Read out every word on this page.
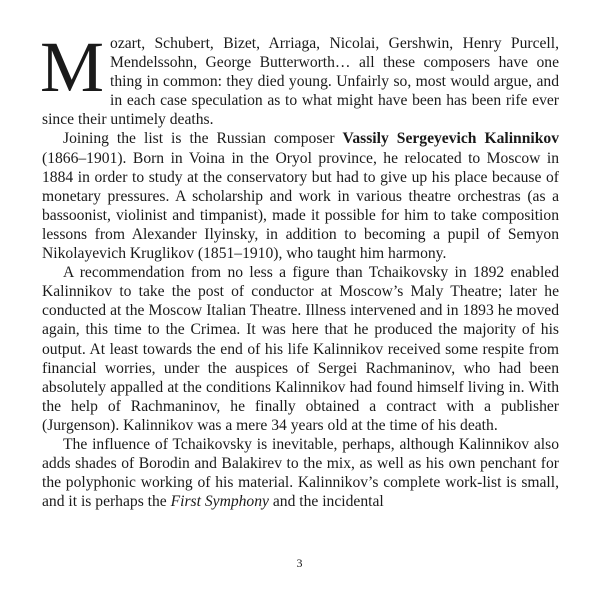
Mozart, Schubert, Bizet, Arriaga, Nicolai, Gershwin, Henry Purcell, Mendelssohn, George Butterworth… all these composers have one thing in common: they died young. Unfairly so, most would argue, and in each case speculation as to what might have been has been rife ever since their untimely deaths.

Joining the list is the Russian composer Vassily Sergeyevich Kalinnikov (1866–1901). Born in Voina in the Oryol province, he relocated to Moscow in 1884 in order to study at the conservatory but had to give up his place because of monetary pressures. A scholarship and work in various theatre orchestras (as a bassoonist, violinist and timpanist), made it possible for him to take composition lessons from Alexander Ilyinsky, in addition to becoming a pupil of Semyon Nikolayevich Kruglikov (1851–1910), who taught him harmony.

A recommendation from no less a figure than Tchaikovsky in 1892 enabled Kalinnikov to take the post of conductor at Moscow’s Maly Theatre; later he conducted at the Moscow Italian Theatre. Illness intervened and in 1893 he moved again, this time to the Crimea. It was here that he produced the majority of his output. At least towards the end of his life Kalinnikov received some respite from financial worries, under the auspices of Sergei Rachmaninov, who had been absolutely appalled at the conditions Kalinnikov had found himself living in. With the help of Rachmaninov, he finally obtained a contract with a publisher (Jurgenson). Kalinnikov was a mere 34 years old at the time of his death.

The influence of Tchaikovsky is inevitable, perhaps, although Kalinnikov also adds shades of Borodin and Balakirev to the mix, as well as his own penchant for the polyphonic working of his material. Kalinnikov’s complete work-list is small, and it is perhaps the First Symphony and the incidental

3
